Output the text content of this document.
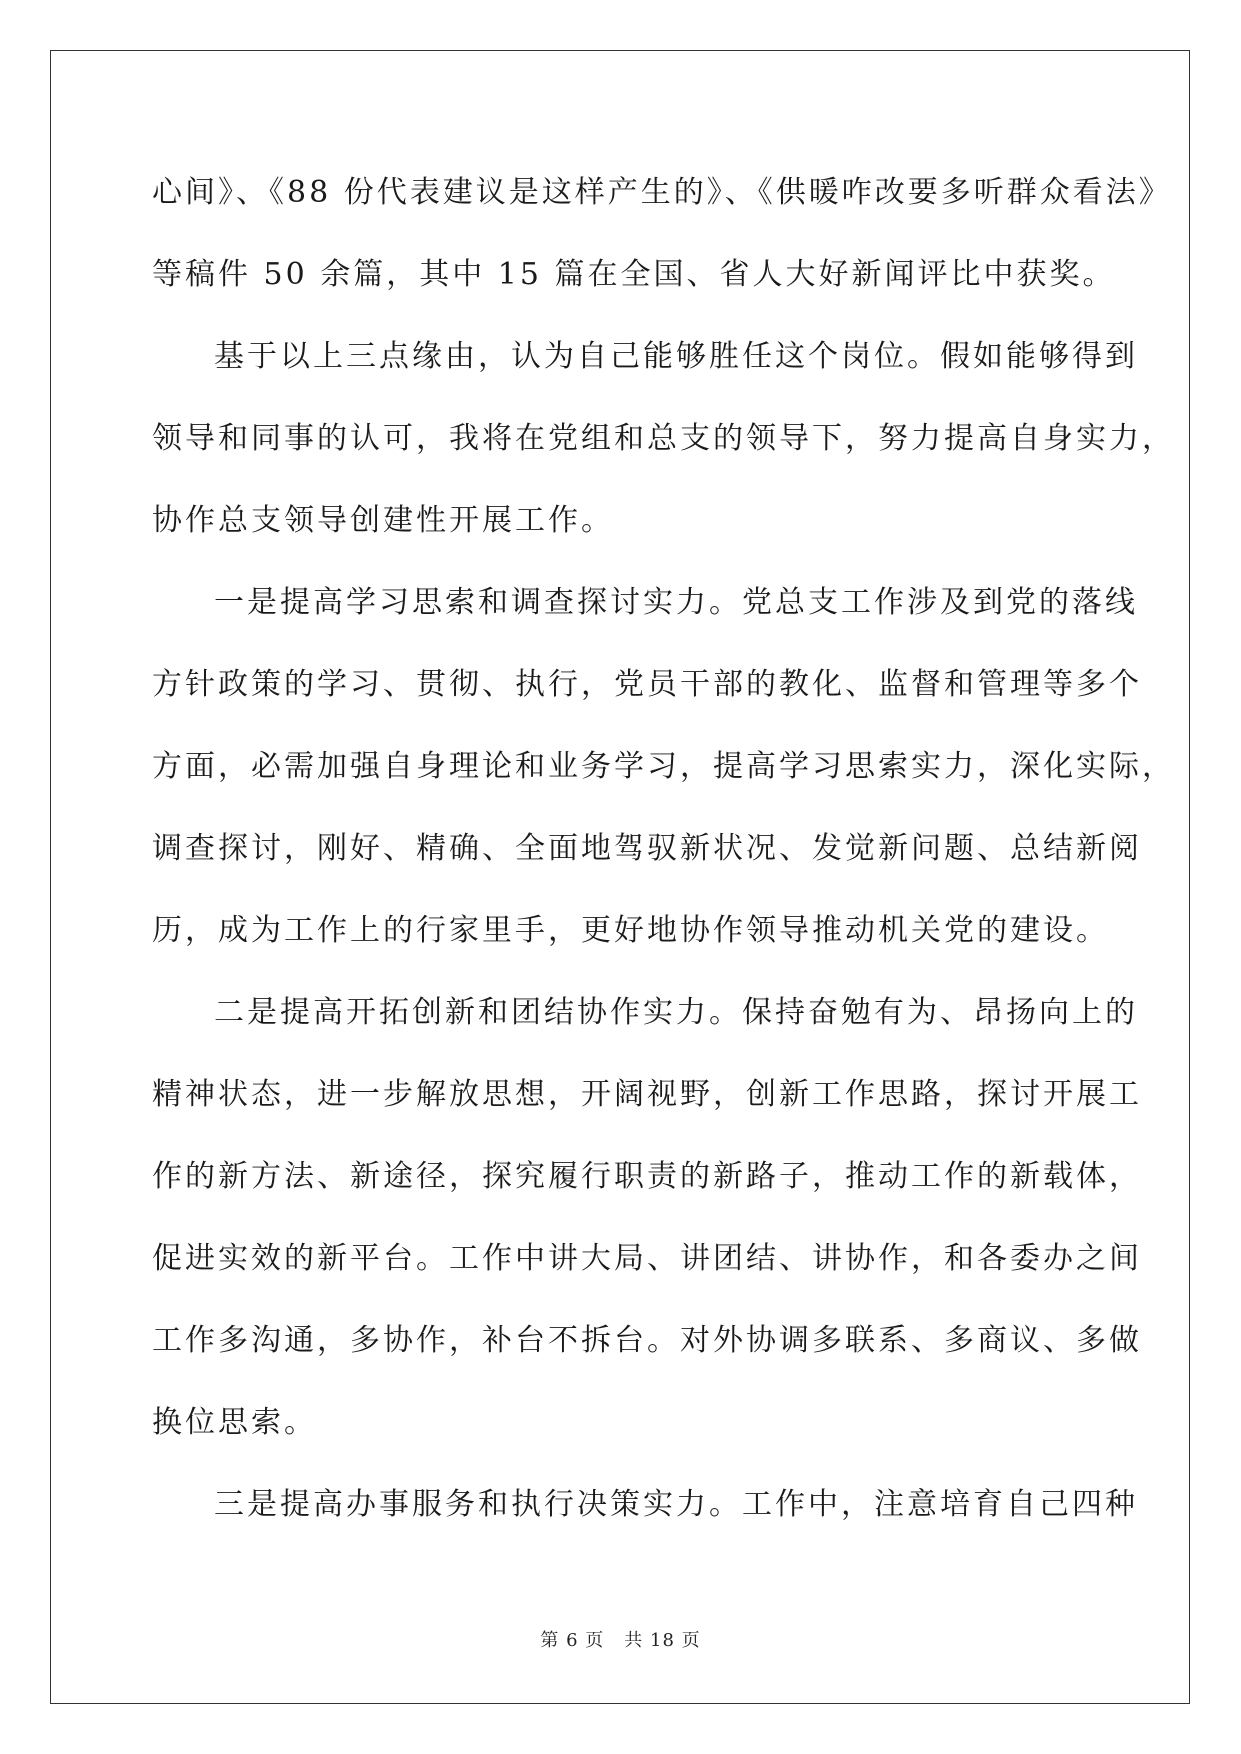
心间》、《88 份代表建议是这样产生的》、《供暖咋改要多听群众看法》
等稿件 50 余篇，其中 15 篇在全国、省人大好新闻评比中获奖。
基于以上三点缘由，认为自己能够胜任这个岗位。假如能够得到
领导和同事的认可，我将在党组和总支的领导下，努力提高自身实力，
协作总支领导创建性开展工作。
一是提高学习思索和调查探讨实力。党总支工作涉及到党的落线
方针政策的学习、贯彻、执行，党员干部的教化、监督和管理等多个
方面，必需加强自身理论和业务学习，提高学习思索实力，深化实际，
调查探讨，刚好、精确、全面地驾驭新状况、发觉新问题、总结新阅
历，成为工作上的行家里手，更好地协作领导推动机关党的建设。
二是提高开拓创新和团结协作实力。保持奋勉有为、昂扬向上的
精神状态，进一步解放思想，开阔视野，创新工作思路，探讨开展工
作的新方法、新途径，探究履行职责的新路子，推动工作的新载体，
促进实效的新平台。工作中讲大局、讲团结、讲协作，和各委办之间
工作多沟通，多协作，补台不拆台。对外协调多联系、多商议、多做
换位思索。
三是提高办事服务和执行决策实力。工作中，注意培育自己四种
第 6 页 共 18 页
